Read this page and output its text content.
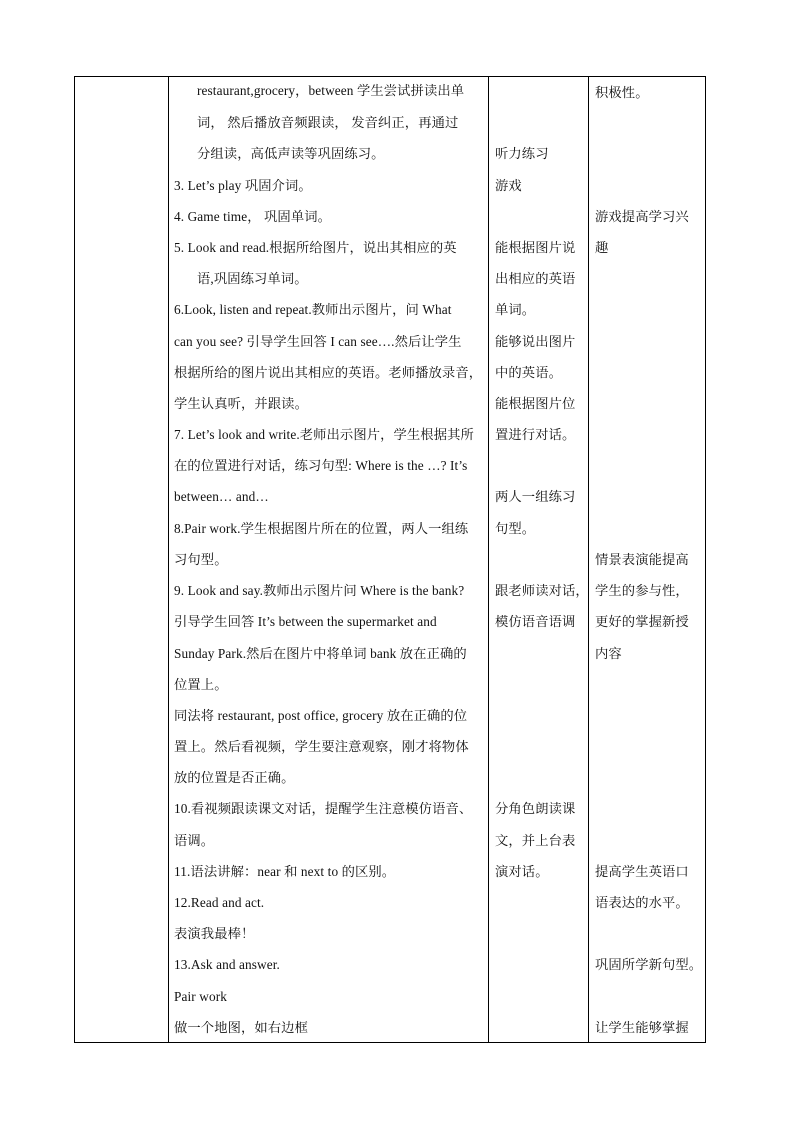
restaurant,grocery，between 学生尝试拼读出单
词， 然后播放音频跟读， 发音纠正，再通过
分组读，高低声读等巩固练习。
3. Let’s play 巩固介词。
4. Game time， 巩固单词。
5. Look and read.根据所给图片，说出其相应的英
语,巩固练习单词。
6.Look, listen and repeat.教师出示图片，问 What
can you see? 引导学生回答 I can see….然后让学生
根据所给的图片说出其相应的英语。老师播放录音，
学生认真听，并跟读。
7. Let’s look and write.老师出示图片，学生根据其所
在的位置进行对话，练习句型: Where is the …? It’s
between… and…
8.Pair work.学生根据图片所在的位置，两人一组练
习句型。
9. Look and say.教师出示图片问 Where is the bank?
引导学生回答 It’s between the supermarket and
Sunday Park.然后在图片中将单词 bank 放在正确的
位置上。
同法将 restaurant, post office, grocery 放在正确的位
置上。然后看视频，学生要注意观察，刚才将物体
放的位置是否正确。
10.看视频跟读课文对话，提醒学生注意模仿语音、
语调。
11.语法讲解：near 和 next to 的区别。
12.Read and act.
表演我最棒！
13.Ask and answer.
Pair work
做一个地图，如右边框
听力练习
游戏
能根据图片说
出相应的英语
单词。
能够说出图片
中的英语。
能根据图片位
置进行对话。
两人一组练习
句型。
跟老师读对话，
模仿语音语调
分角色朗读课
文，并上台表
演对话。
积极性。
游戏提高学习兴
趣
情景表演能提高
学生的参与性，
更好的掌握新授
内容
提高学生英语口
语表达的水平。
巩固所学新句型。
让学生能够掌握
